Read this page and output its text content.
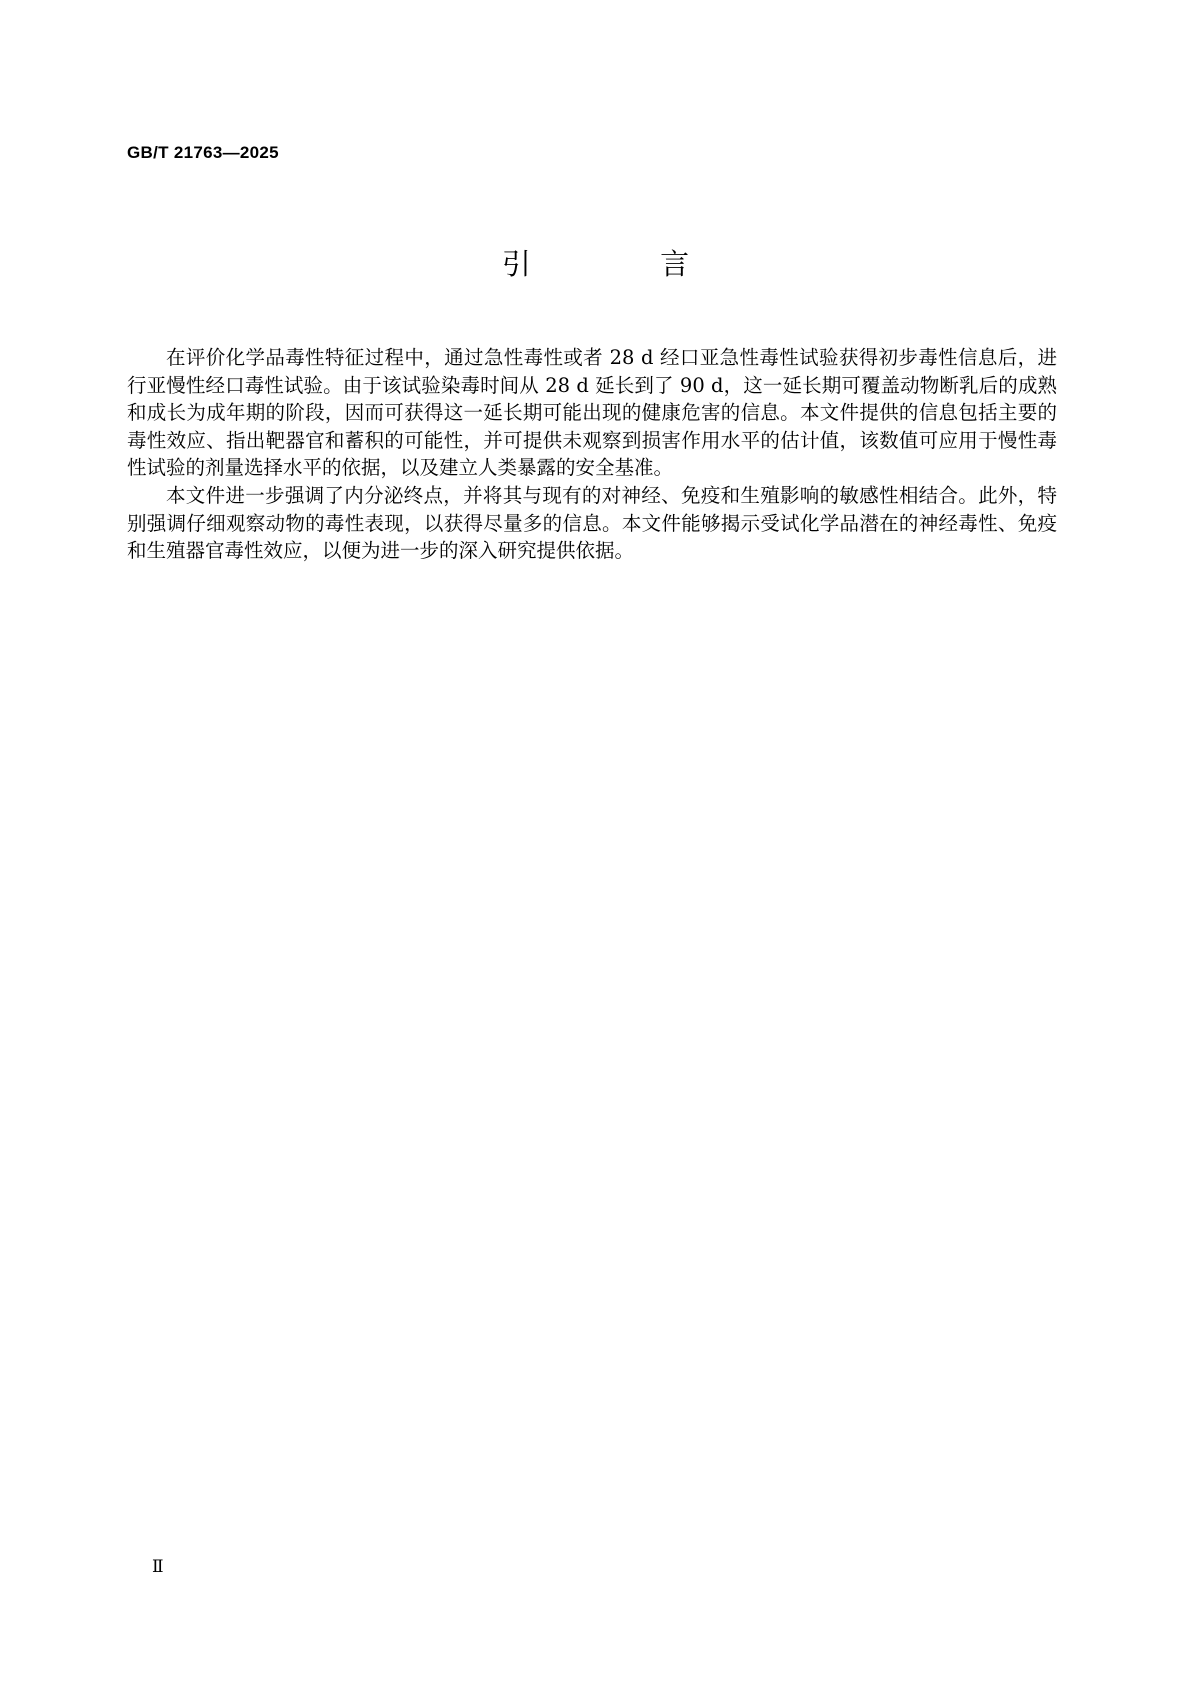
GB/T 21763—2025
引 言

在评价化学品毒性特征过程中，通过急性毒性或者 28 d 经口亚急性毒性试验获得初步毒性信息后，进行亚慢性经口毒性试验。由于该试验染毒时间从 28 d 延长到了 90 d，这一延长期可覆盖动物断乳后的成熟和成长为成年期的阶段，因而可获得这一延长期可能出现的健康危害的信息。本文件提供的信息包括主要的毒性效应、指出靶器官和蓄积的可能性，并可提供未观察到损害作用水平的估计值，该数值可应用于慢性毒性试验的剂量选择水平的依据，以及建立人类暴露的安全基准。

本文件进一步强调了内分泌终点，并将其与现有的对神经、免疫和生殖影响的敏感性相结合。此外，特别强调仔细观察动物的毒性表现，以获得尽量多的信息。本文件能够揭示受试化学品潜在的神经毒性、免疫和生殖器官毒性效应，以便为进一步的深入研究提供依据。

Ⅱ
